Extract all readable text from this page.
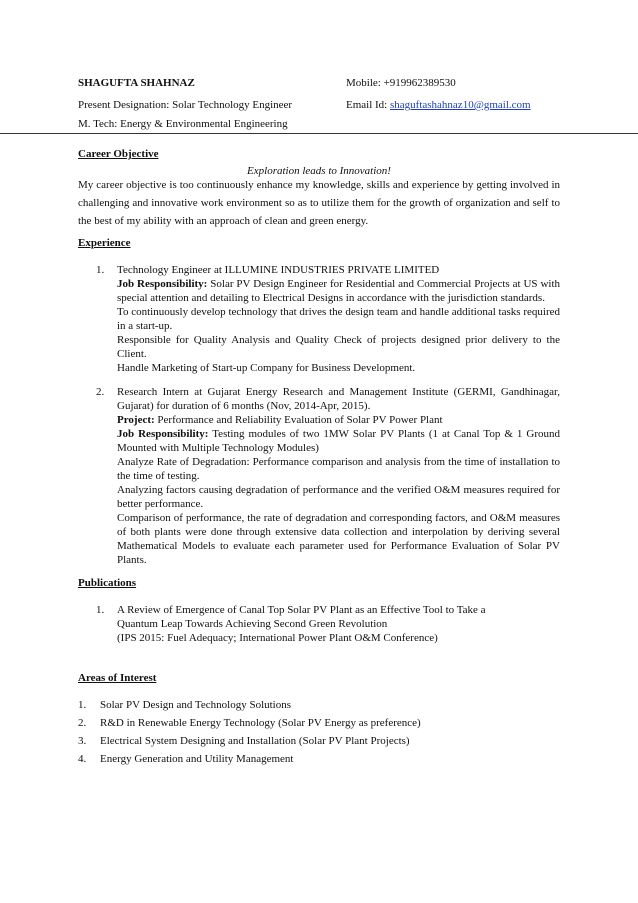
SHAGUFTA SHAHNAZ	Mobile: +919962389530
Present Designation: Solar Technology Engineer	Email Id: shaguftashahnaz10@gmail.com
M. Tech: Energy & Environmental Engineering
Career Objective
Exploration leads to Innovation!
My career objective is too continuously enhance my knowledge, skills and experience by getting involved in challenging and innovative work environment so as to utilize them for the growth of organization and self to the best of my ability with an approach of clean and green energy.
Experience
1. Technology Engineer at ILLUMINE INDUSTRIES PRIVATE LIMITED
Job Responsibility: Solar PV Design Engineer for Residential and Commercial Projects at US with special attention and detailing to Electrical Designs in accordance with the jurisdiction standards.
To continuously develop technology that drives the design team and handle additional tasks required in a start-up.
Responsible for Quality Analysis and Quality Check of projects designed prior delivery to the Client.
Handle Marketing of Start-up Company for Business Development.
2. Research Intern at Gujarat Energy Research and Management Institute (GERMI, Gandhinagar, Gujarat) for duration of 6 months (Nov, 2014-Apr, 2015).
Project: Performance and Reliability Evaluation of Solar PV Power Plant
Job Responsibility: Testing modules of two 1MW Solar PV Plants (1 at Canal Top & 1 Ground Mounted with Multiple Technology Modules)
Analyze Rate of Degradation: Performance comparison and analysis from the time of installation to the time of testing.
Analyzing factors causing degradation of performance and the verified O&M measures required for better performance.
Comparison of performance, the rate of degradation and corresponding factors, and O&M measures of both plants were done through extensive data collection and interpolation by deriving several Mathematical Models to evaluate each parameter used for Performance Evaluation of Solar PV Plants.
Publications
1. A Review of Emergence of Canal Top Solar PV Plant as an Effective Tool to Take a Quantum Leap Towards Achieving Second Green Revolution
(IPS 2015: Fuel Adequacy; International Power Plant O&M Conference)
Areas of Interest
1. Solar PV Design and Technology Solutions
2. R&D in Renewable Energy Technology (Solar PV Energy as preference)
3. Electrical System Designing and Installation (Solar PV Plant Projects)
4. Energy Generation and Utility Management
